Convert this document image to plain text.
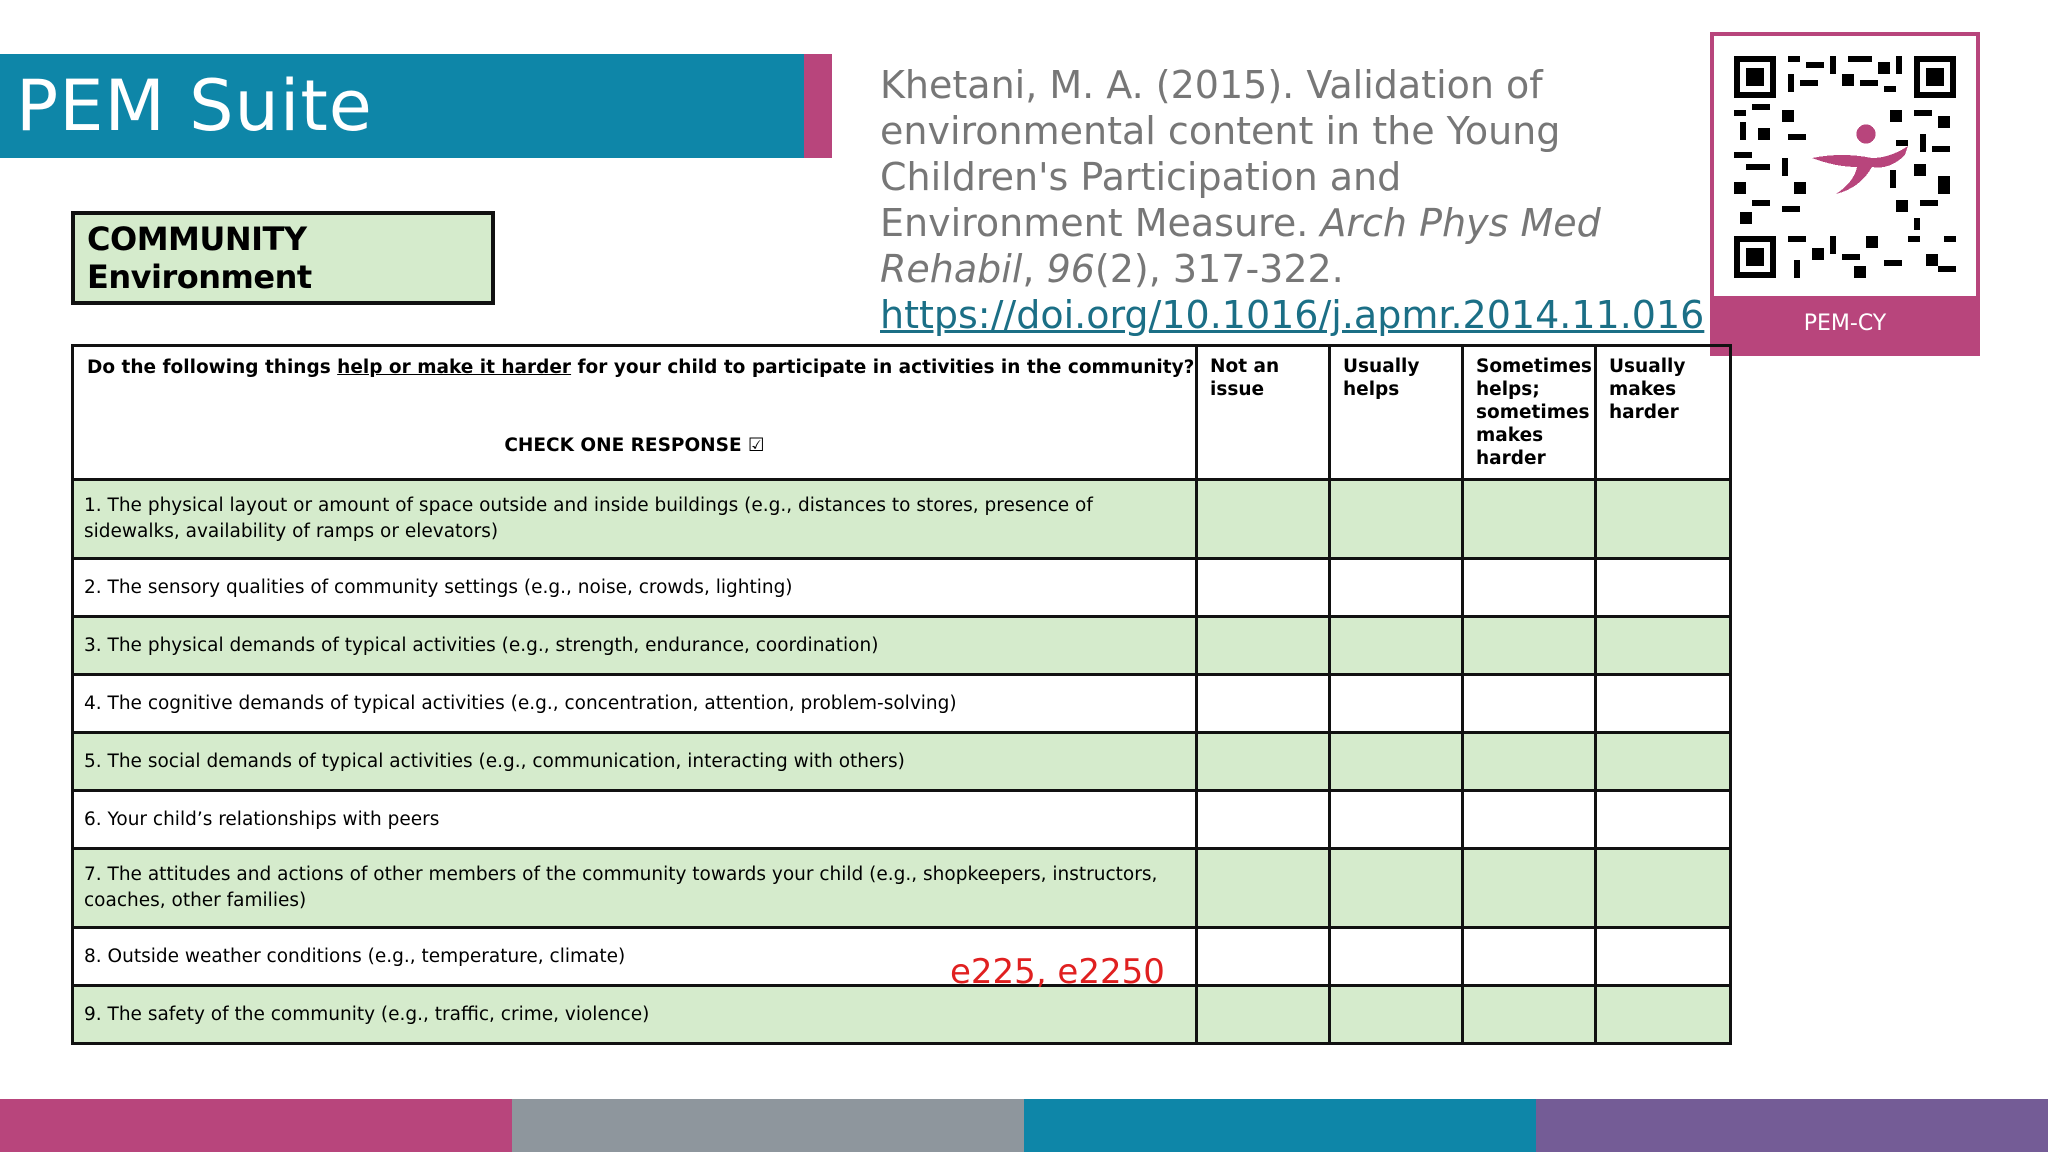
PEM Suite
COMMUNITY Environment
Khetani, M. A. (2015). Validation of environmental content in the Young Children's Participation and Environment Measure. Arch Phys Med Rehabil, 96(2), 317-322.
https://doi.org/10.1016/j.apmr.2014.11.016	PEM-CY
Do the following things help or make it harder for your child to participate in activities in the community?
CHECK ONE RESPONSE ☑	Not an issue	Usually helps	Sometimes helps; sometimes makes harder	Usually makes harder
1. The physical layout or amount of space outside and inside buildings (e.g., distances to stores, presence of sidewalks, availability of ramps or elevators)				
2. The sensory qualities of community settings (e.g., noise, crowds, lighting)				
3. The physical demands of typical activities (e.g., strength, endurance, coordination)				
4. The cognitive demands of typical activities (e.g., concentration, attention, problem-solving)				
5. The social demands of typical activities (e.g., communication, interacting with others)				
6. Your child’s relationships with peers				
7. The attitudes and actions of other members of the community towards your child (e.g., shopkeepers, instructors, coaches, other families)				
8. Outside weather conditions (e.g., temperature, climate)				
9. The safety of the community (e.g., traffic, crime, violence)				
e225, e2250
